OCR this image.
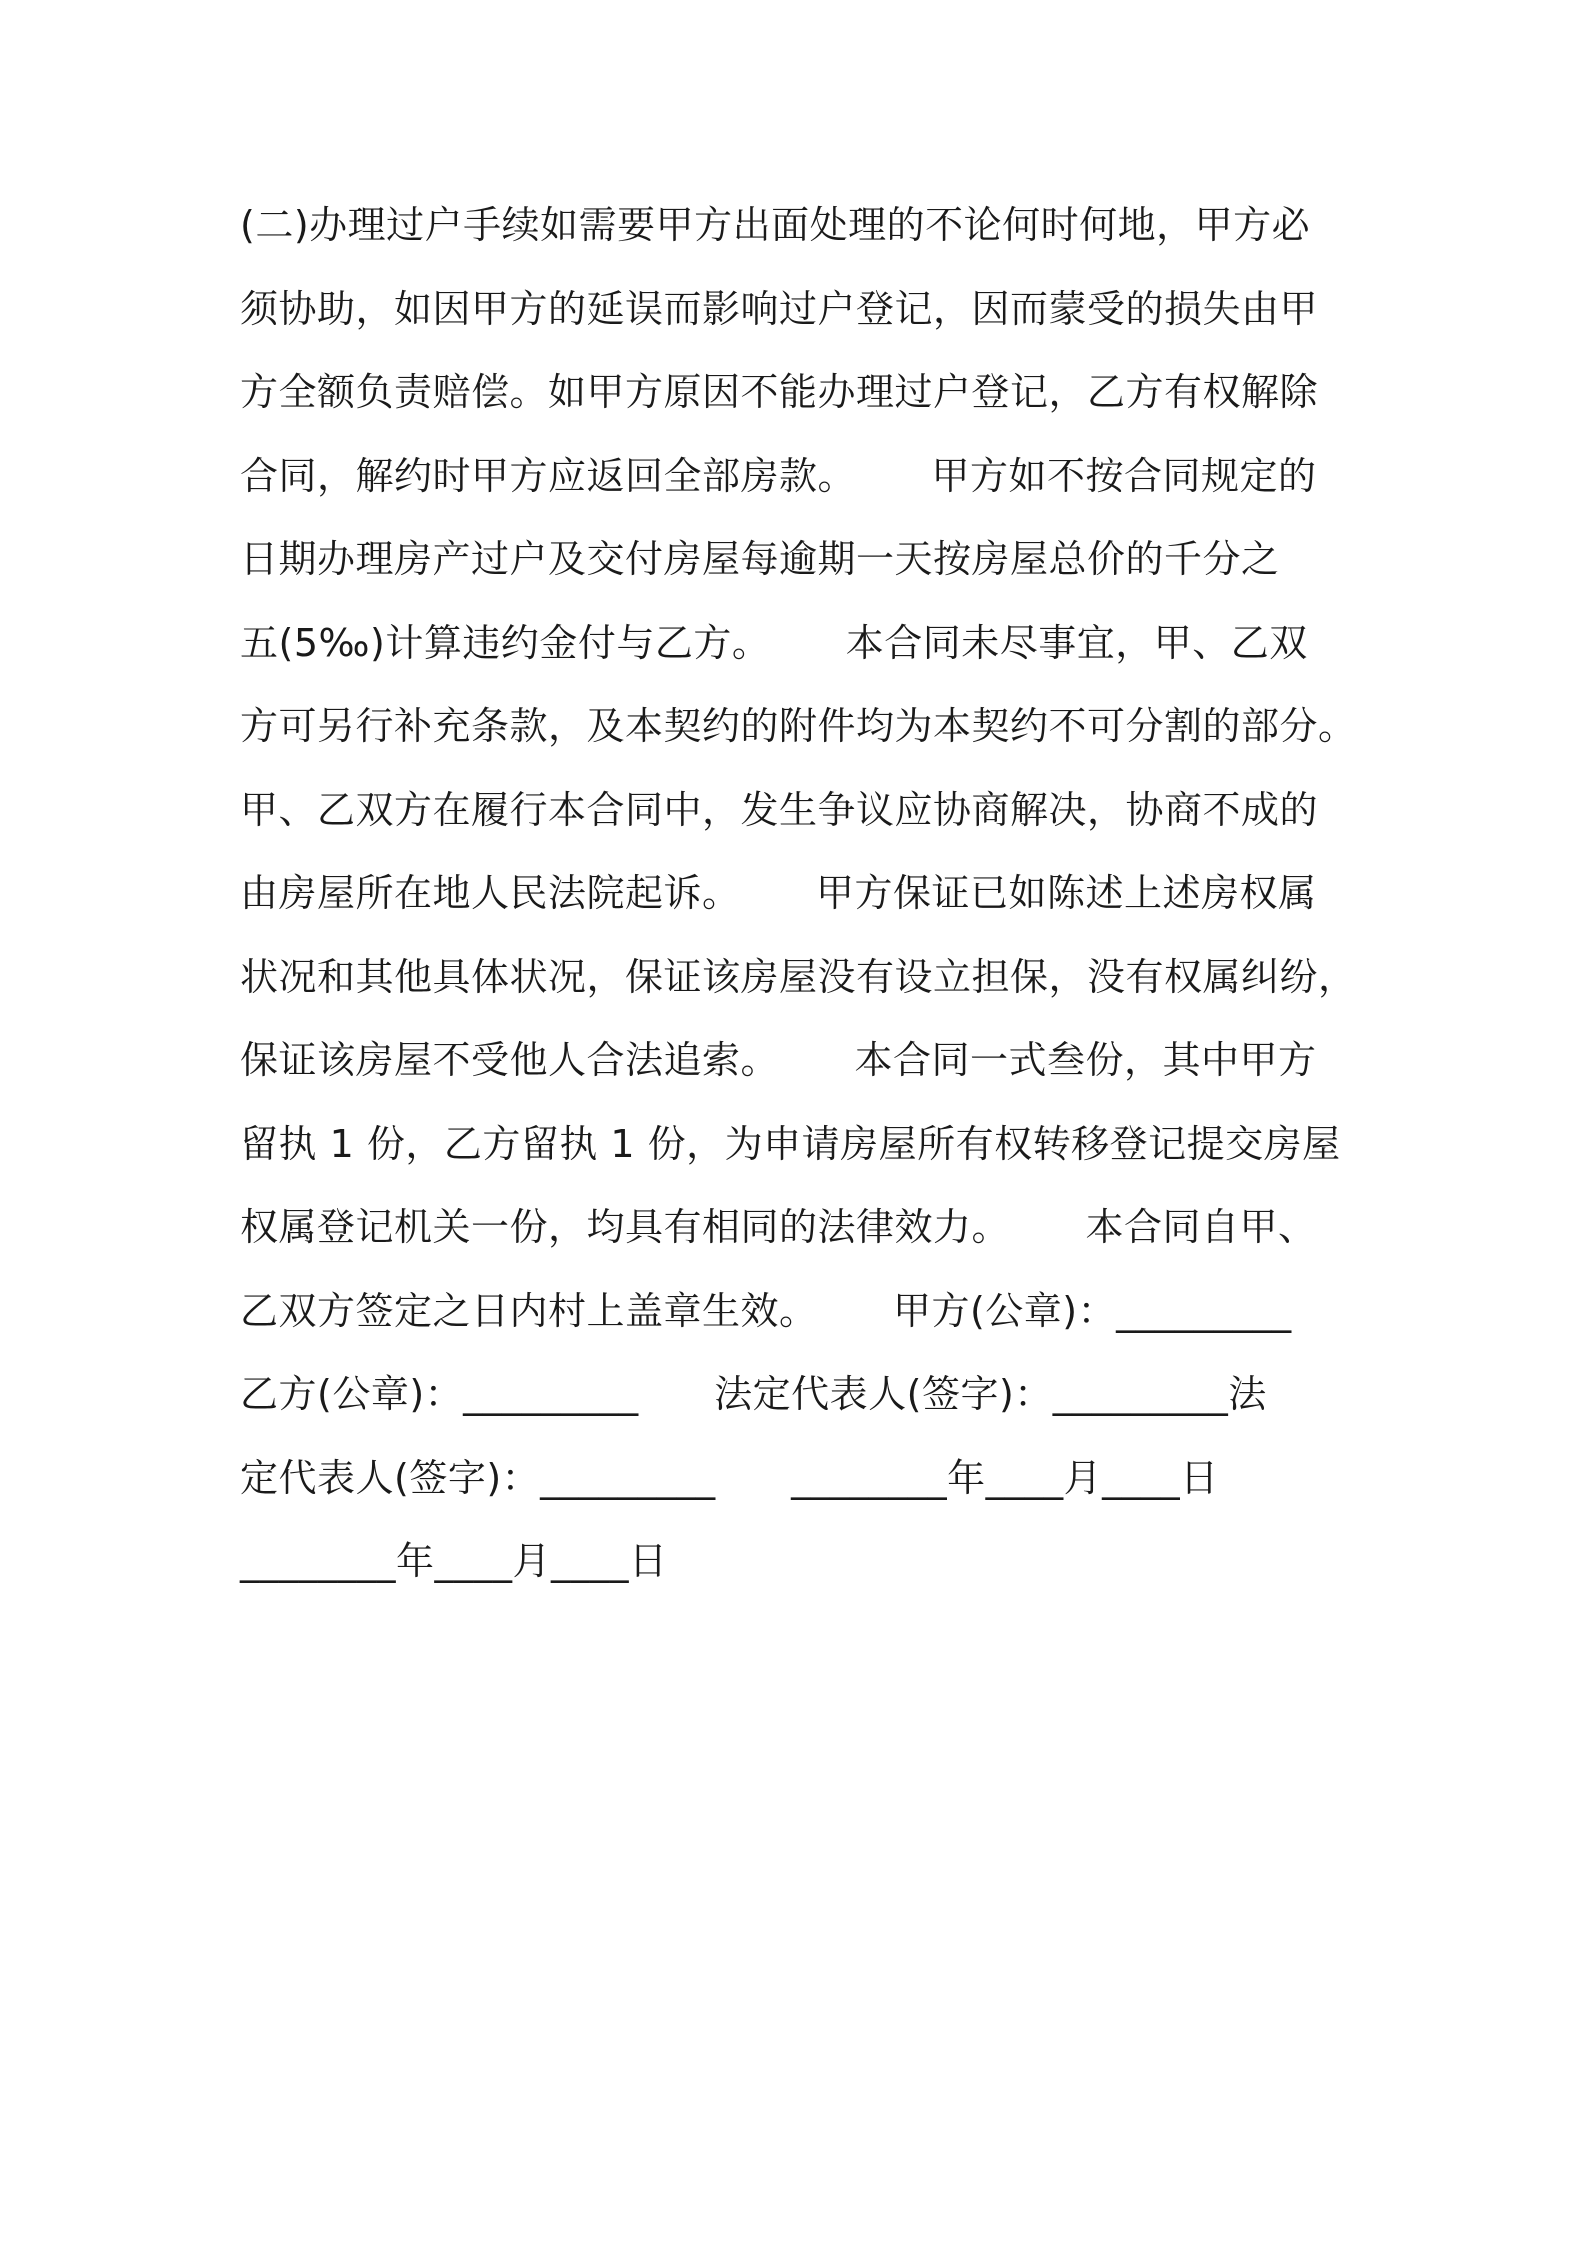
(二)办理过户手续如需要甲方出面处理的不论何时何地，甲方必
须协助，如因甲方的延误而影响过户登记，因而蒙受的损失由甲
方全额负责赔偿。如甲方原因不能办理过户登记，乙方有权解除
合同，解约时甲方应返回全部房款。      甲方如不按合同规定的
日期办理房产过户及交付房屋每逾期一天按房屋总价的千分之
五(5‰)计算违约金付与乙方。      本合同未尽事宜，甲、乙双
方可另行补充条款，及本契约的附件均为本契约不可分割的部分。
甲、乙双方在履行本合同中，发生争议应协商解决，协商不成的
由房屋所在地人民法院起诉。      甲方保证已如陈述上述房权属
状况和其他具体状况，保证该房屋没有设立担保，没有权属纠纷，
保证该房屋不受他人合法追索。      本合同一式叁份，其中甲方
留执 1 份，乙方留执 1 份，为申请房屋所有权转移登记提交房屋
权属登记机关一份，均具有相同的法律效力。      本合同自甲、
乙双方签定之日内村上盖章生效。      甲方(公章)：_________
乙方(公章)：_________      法定代表人(签字)：_________法
定代表人(签字)：_________      ________年____月____日
________年____月____日
